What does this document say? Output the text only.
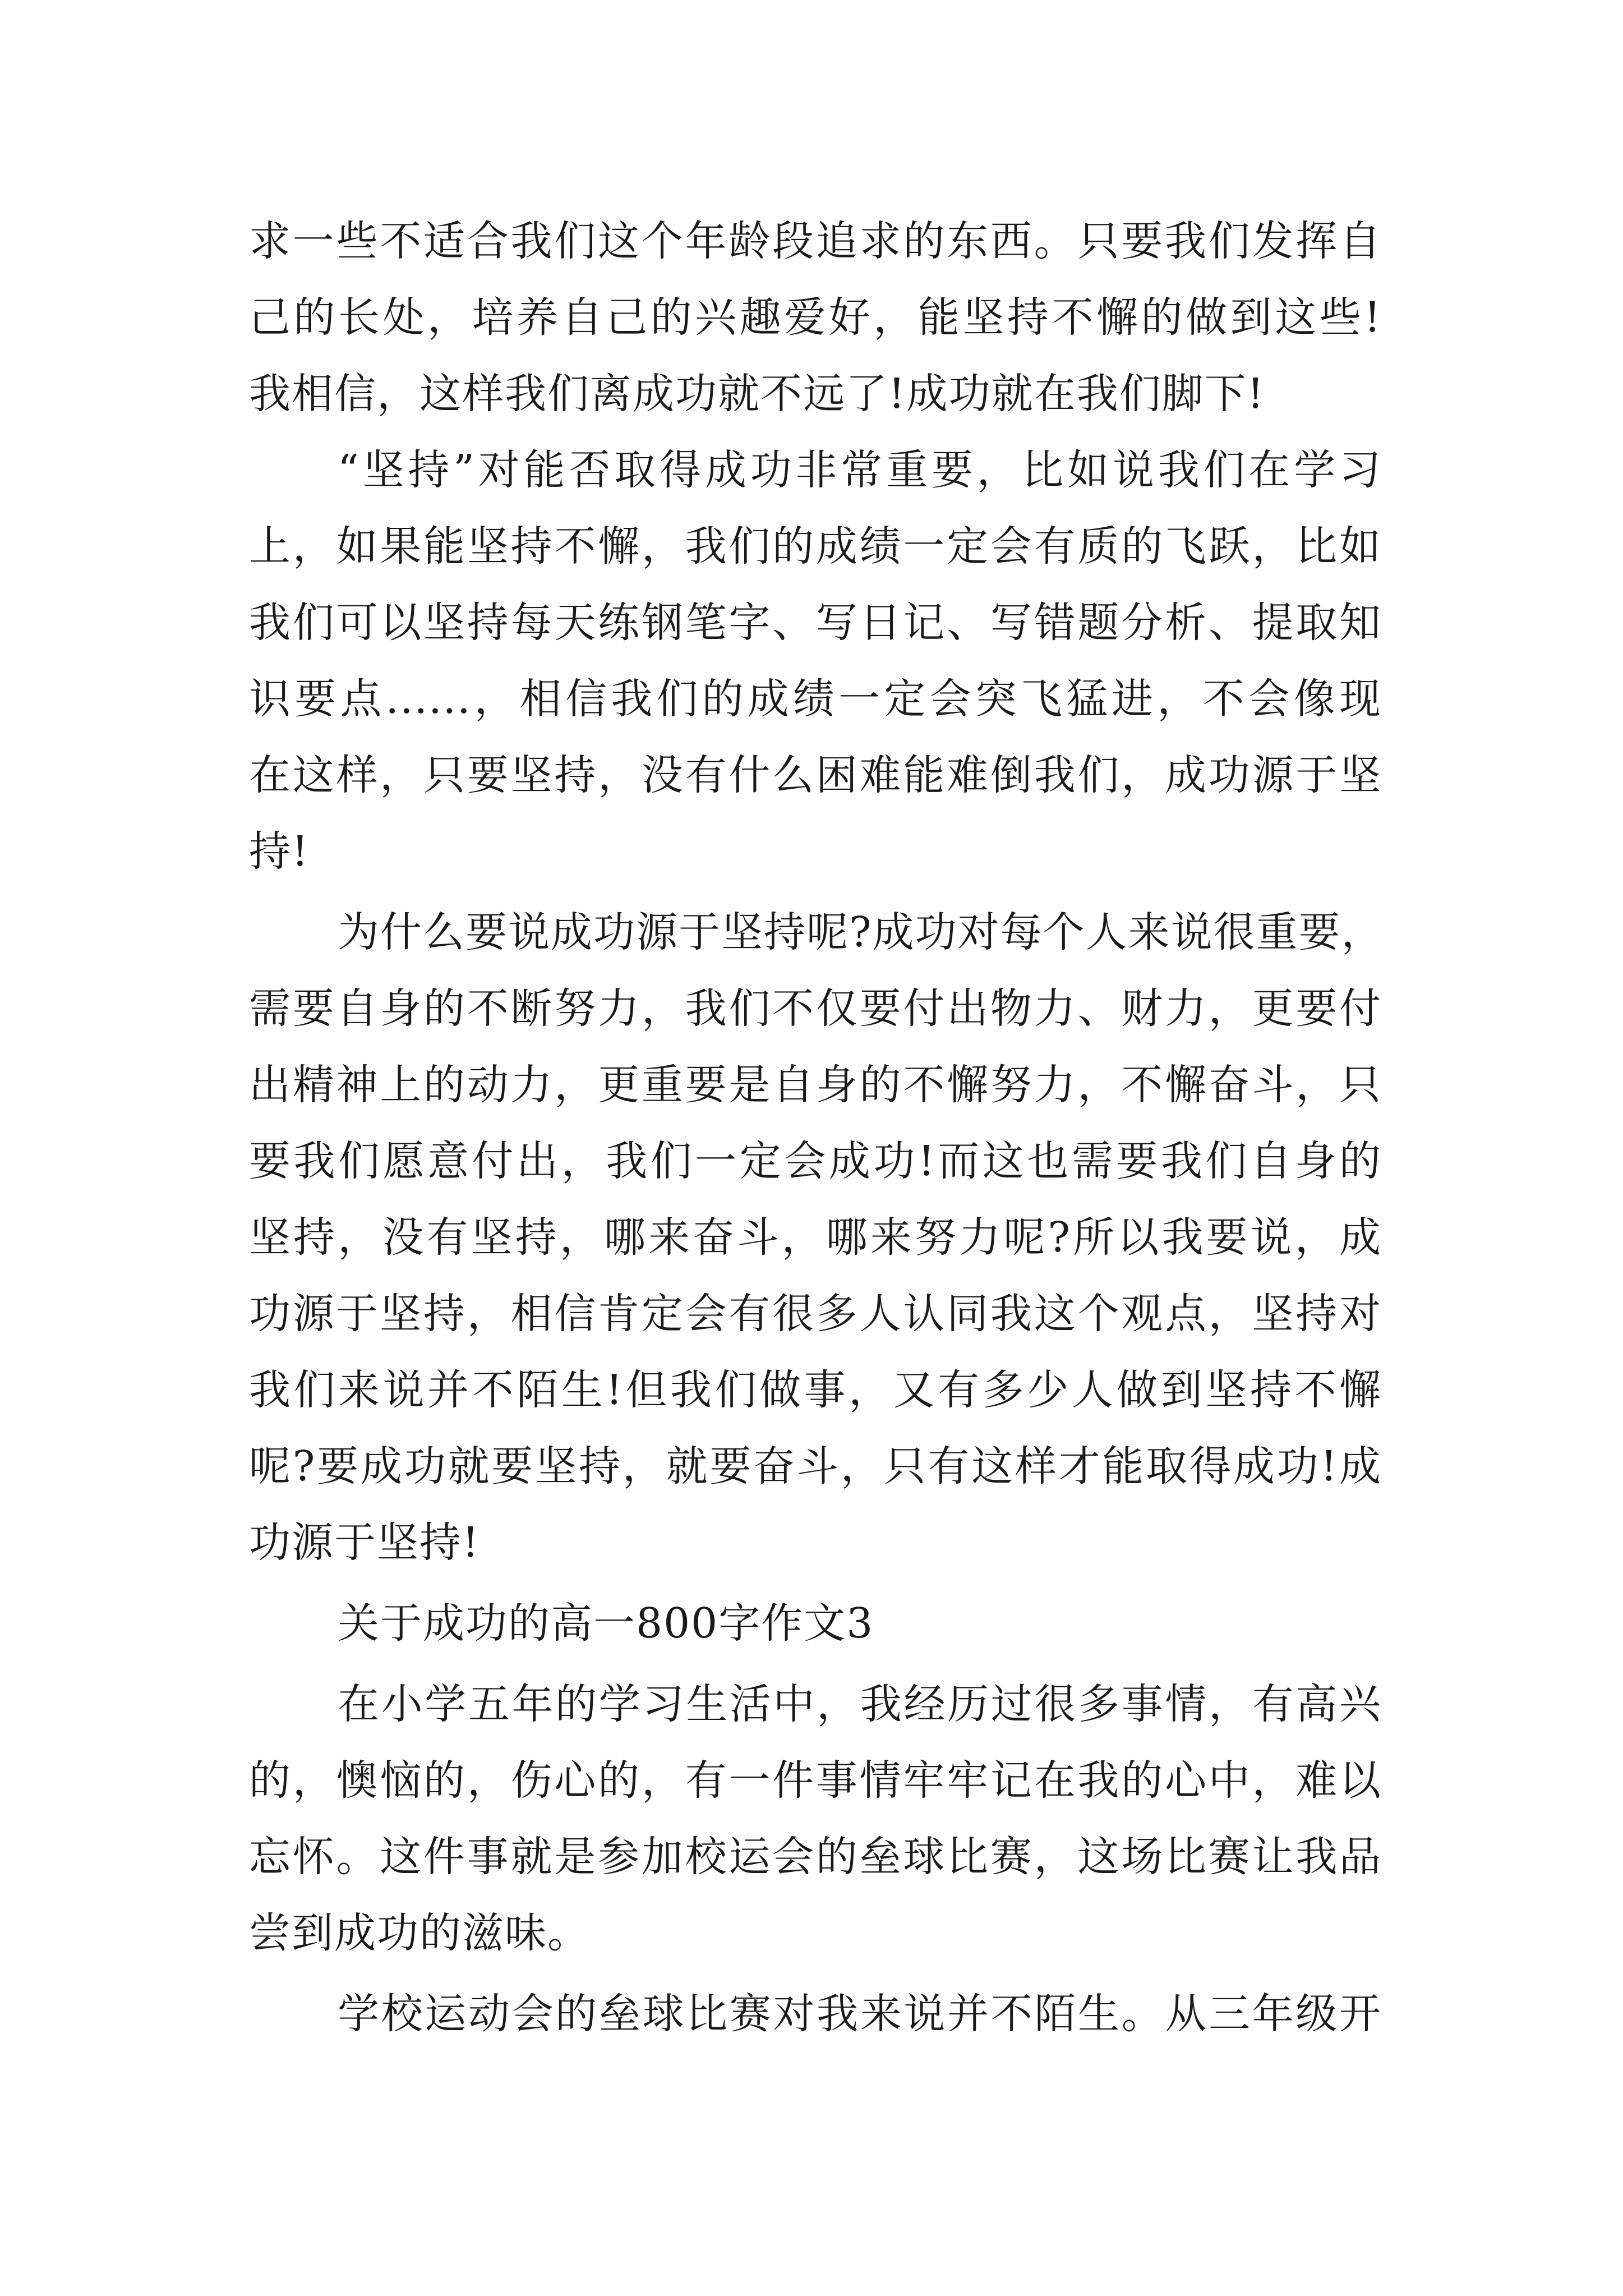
求一些不适合我们这个年龄段追求的东西。只要我们发挥自
己的长处，培养自己的兴趣爱好，能坚持不懈的做到这些!
我相信，这样我们离成功就不远了!成功就在我们脚下!
“坚持”对能否取得成功非常重要，比如说我们在学习
上，如果能坚持不懈，我们的成绩一定会有质的飞跃，比如
我们可以坚持每天练钢笔字、写日记、写错题分析、提取知
识要点......，相信我们的成绩一定会突飞猛进，不会像现
在这样，只要坚持，没有什么困难能难倒我们，成功源于坚
持!
为什么要说成功源于坚持呢?成功对每个人来说很重要，
需要自身的不断努力，我们不仅要付出物力、财力，更要付
出精神上的动力，更重要是自身的不懈努力，不懈奋斗，只
要我们愿意付出，我们一定会成功!而这也需要我们自身的
坚持，没有坚持，哪来奋斗，哪来努力呢?所以我要说，成
功源于坚持，相信肯定会有很多人认同我这个观点，坚持对
我们来说并不陌生!但我们做事，又有多少人做到坚持不懈
呢?要成功就要坚持，就要奋斗，只有这样才能取得成功!成
功源于坚持!
关于成功的高一800字作文3
在小学五年的学习生活中，我经历过很多事情，有高兴
的，懊恼的，伤心的，有一件事情牢牢记在我的心中，难以
忘怀。这件事就是参加校运会的垒球比赛，这场比赛让我品
尝到成功的滋味。
学校运动会的垒球比赛对我来说并不陌生。从三年级开
